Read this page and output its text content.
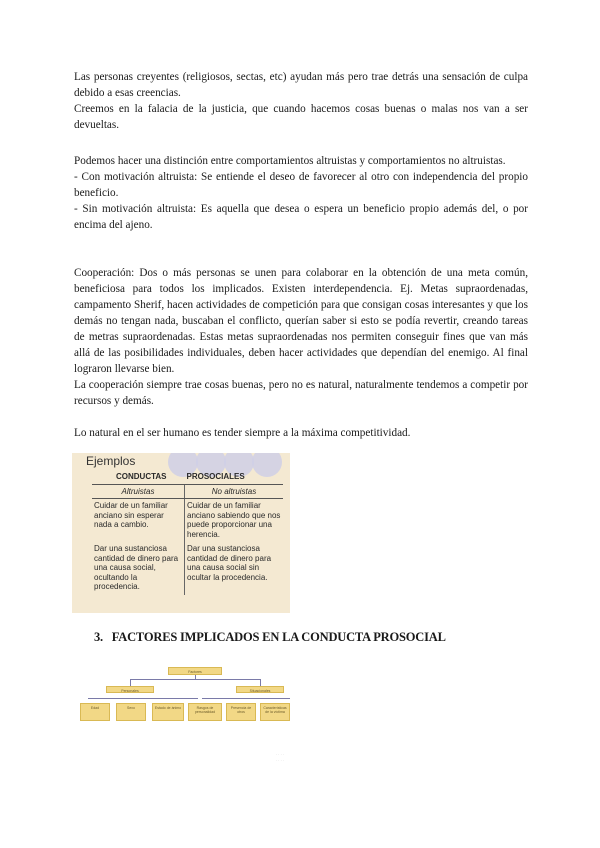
Las personas creyentes (religiosos, sectas, etc) ayudan más pero trae detrás una sensación de culpa debido a esas creencias.

Creemos en la falacia de la justicia, que cuando hacemos cosas buenas o malas nos van a ser devueltas.

Podemos hacer una distinción entre comportamientos altruistas y comportamientos no altruistas.

- Con motivación altruista: Se entiende el deseo de favorecer al otro con independencia del propio beneficio.

- Sin motivación altruista: Es aquella que desea o espera un beneficio propio además del, o por encima del ajeno.

Cooperación: Dos o más personas se unen para colaborar en la obtención de una meta común, beneficiosa para todos los implicados. Existen interdependencia. Ej. Metas supraordenadas, campamento Sherif, hacen actividades de competición para que consigan cosas interesantes y que los demás no tengan nada, buscaban el conflicto, querían saber si esto se podía revertir, creando tareas de metras supraordenadas. Estas metas supraordenadas nos permiten conseguir fines que van más allá de las posibilidades individuales, deben hacer actividades que dependían del enemigo. Al final lograron llevarse bien.

La cooperación siempre trae cosas buenas, pero no es natural, naturalmente tendemos a competir por recursos y demás.

Lo natural en el ser humano es tender siempre a la máxima competitividad.

Ejemplos
CONDUCTAS	PROSOCIALES
Altruistas	No altruistas
Cuidar de un familiar anciano sin esperar nada a cambio.	Cuidar de un familiar anciano sabiendo que nos puede proporcionar una herencia.
Dar una sustanciosa cantidad de dinero para una causa social, ocultando la procedencia.	Dar una sustanciosa cantidad de dinero para una causa social sin ocultar la procedencia.
3. FACTORES IMPLICADOS EN LA CONDUCTA PROSOCIAL
Factores
Personales	Situacionales
Edad	Sexo	Estado de ánimo	Rasgos de personalidad
Presencia de otros
Características de la víctima
· · · ·
· · · ·
